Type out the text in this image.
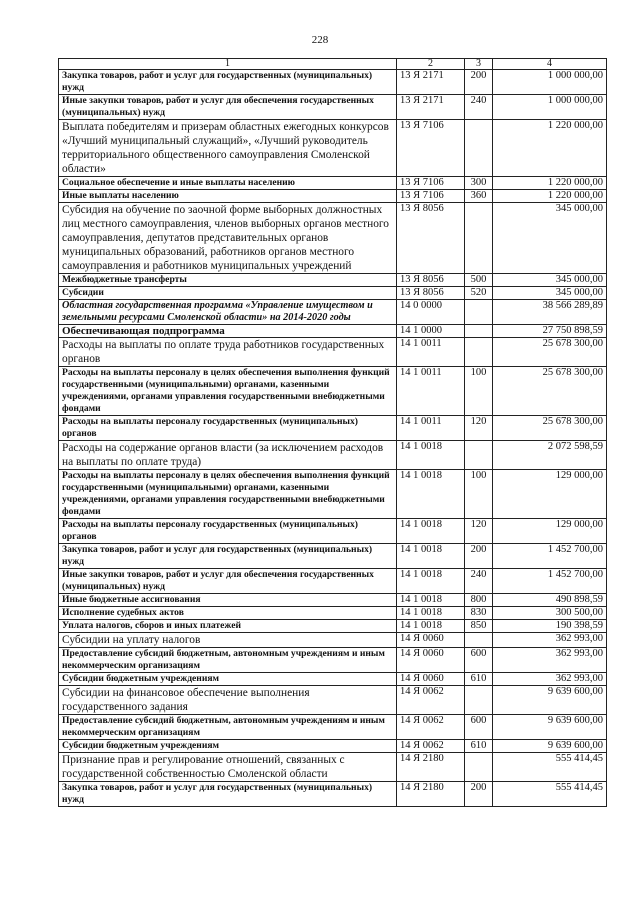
228
1	2	3	4
Закупка товаров, работ и услуг для государственных (муниципальных) нужд	13 Я 2171	200	1 000 000,00
Иные закупки товаров, работ и услуг для обеспечения государственных (муниципальных) нужд	13 Я 2171	240	1 000 000,00
Выплата победителям и призерам областных ежегодных конкурсов «Лучший муниципальный служащий», «Лучший руководитель территориального общественного самоуправления Смоленской области»	13 Я 7106		1 220 000,00
Социальное обеспечение и иные выплаты населению	13 Я 7106	300	1 220 000,00
Иные выплаты населению	13 Я 7106	360	1 220 000,00
Субсидия на обучение по заочной форме выборных должностных лиц местного самоуправления, членов выборных органов местного самоуправления, депутатов представительных органов муниципальных образований, работников органов местного самоуправления и работников муниципальных учреждений	13 Я 8056		345 000,00
Межбюджетные трансферты	13 Я 8056	500	345 000,00
Субсидии	13 Я 8056	520	345 000,00
Областная государственная программа «Управление имуществом и земельными ресурсами Смоленской области» на 2014-2020 годы	14 0 0000		38 566 289,89
Обеспечивающая подпрограмма	14 1 0000		27 750 898,59
Расходы на выплаты по оплате труда работников государственных органов	14 1 0011		25 678 300,00
Расходы на выплаты персоналу в целях обеспечения выполнения функций государственными (муниципальными) органами, казенными учреждениями, органами управления государственными внебюджетными фондами	14 1 0011	100	25 678 300,00
Расходы на выплаты персоналу государственных (муниципальных) органов	14 1 0011	120	25 678 300,00
Расходы на содержание органов власти (за исключением расходов на выплаты по оплате труда)	14 1 0018		2 072 598,59
Расходы на выплаты персоналу в целях обеспечения выполнения функций государственными (муниципальными) органами, казенными учреждениями, органами управления государственными внебюджетными фондами	14 1 0018	100	129 000,00
Расходы на выплаты персоналу государственных (муниципальных) органов	14 1 0018	120	129 000,00
Закупка товаров, работ и услуг для государственных (муниципальных) нужд	14 1 0018	200	1 452 700,00
Иные закупки товаров, работ и услуг для обеспечения государственных (муниципальных) нужд	14 1 0018	240	1 452 700,00
Иные бюджетные ассигнования	14 1 0018	800	490 898,59
Исполнение судебных актов	14 1 0018	830	300 500,00
Уплата налогов, сборов и иных платежей	14 1 0018	850	190 398,59
Субсидии на уплату налогов	14 Я 0060		362 993,00
Предоставление субсидий бюджетным, автономным учреждениям и иным некоммерческим организациям	14 Я 0060	600	362 993,00
Субсидии бюджетным учреждениям	14 Я 0060	610	362 993,00
Субсидии на финансовое обеспечение выполнения государственного задания	14 Я 0062		9 639 600,00
Предоставление субсидий бюджетным, автономным учреждениям и иным некоммерческим организациям	14 Я 0062	600	9 639 600,00
Субсидии бюджетным учреждениям	14 Я 0062	610	9 639 600,00
Признание прав и регулирование отношений, связанных с государственной собственностью Смоленской области	14 Я 2180		555 414,45
Закупка товаров, работ и услуг для государственных (муниципальных) нужд	14 Я 2180	200	555 414,45
